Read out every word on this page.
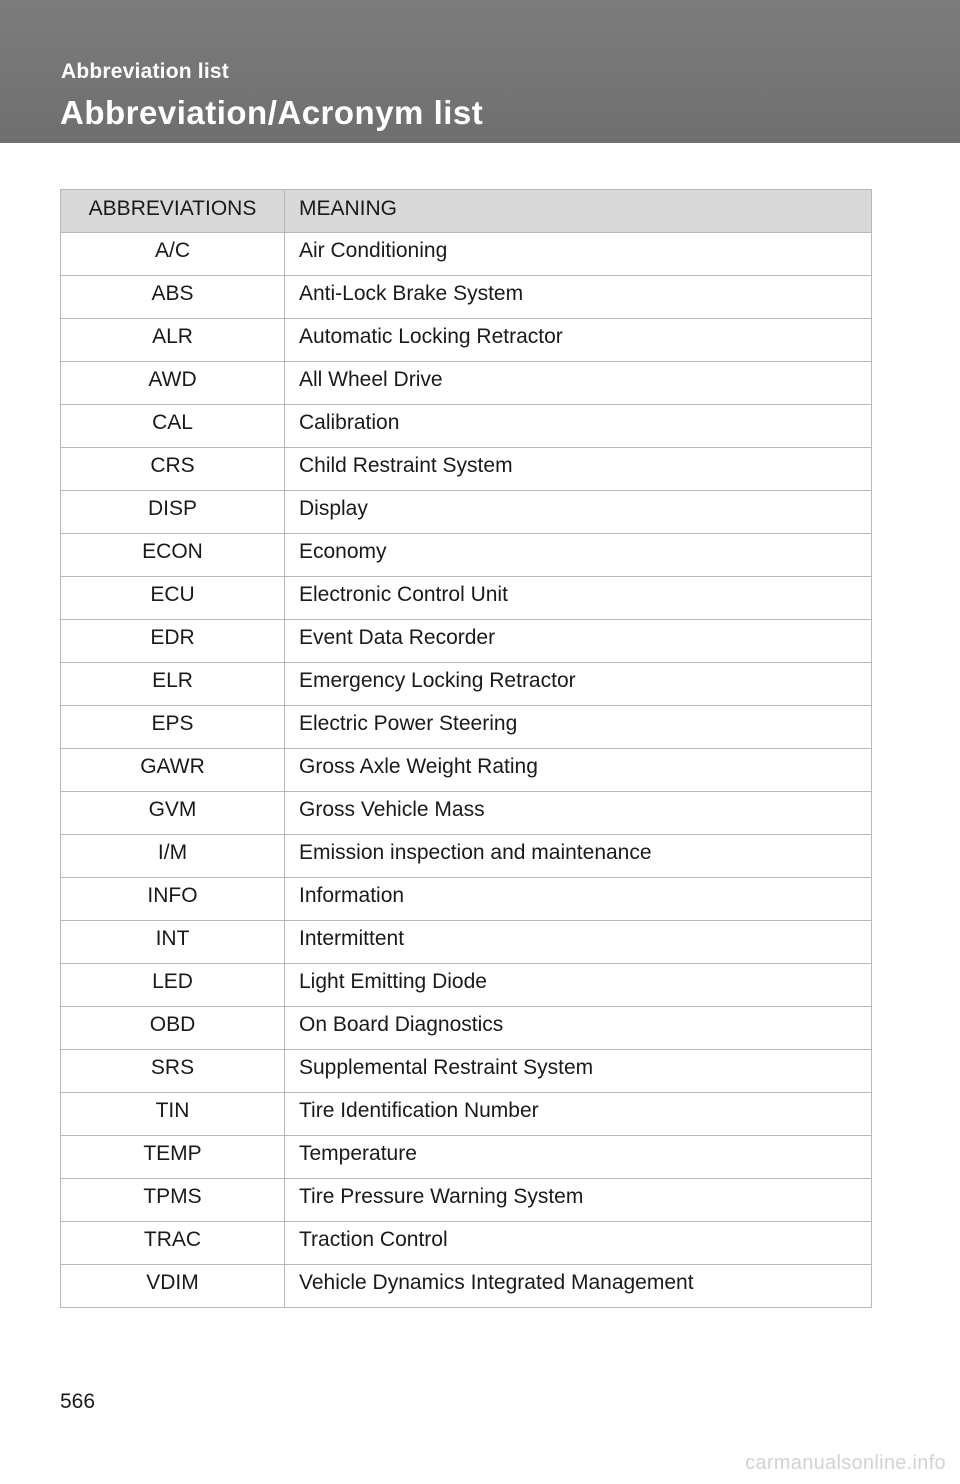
Abbreviation list
Abbreviation/Acronym list
ABBREVIATIONS	MEANING
A/C	Air Conditioning
ABS	Anti-Lock Brake System
ALR	Automatic Locking Retractor
AWD	All Wheel Drive
CAL	Calibration
CRS	Child Restraint System
DISP	Display
ECON	Economy
ECU	Electronic Control Unit
EDR	Event Data Recorder
ELR	Emergency Locking Retractor
EPS	Electric Power Steering
GAWR	Gross Axle Weight Rating
GVM	Gross Vehicle Mass
I/M	Emission inspection and maintenance
INFO	Information
INT	Intermittent
LED	Light Emitting Diode
OBD	On Board Diagnostics
SRS	Supplemental Restraint System
TIN	Tire Identification Number
TEMP	Temperature
TPMS	Tire Pressure Warning System
TRAC	Traction Control
VDIM	Vehicle Dynamics Integrated Management
566
carmanualsonline.info
